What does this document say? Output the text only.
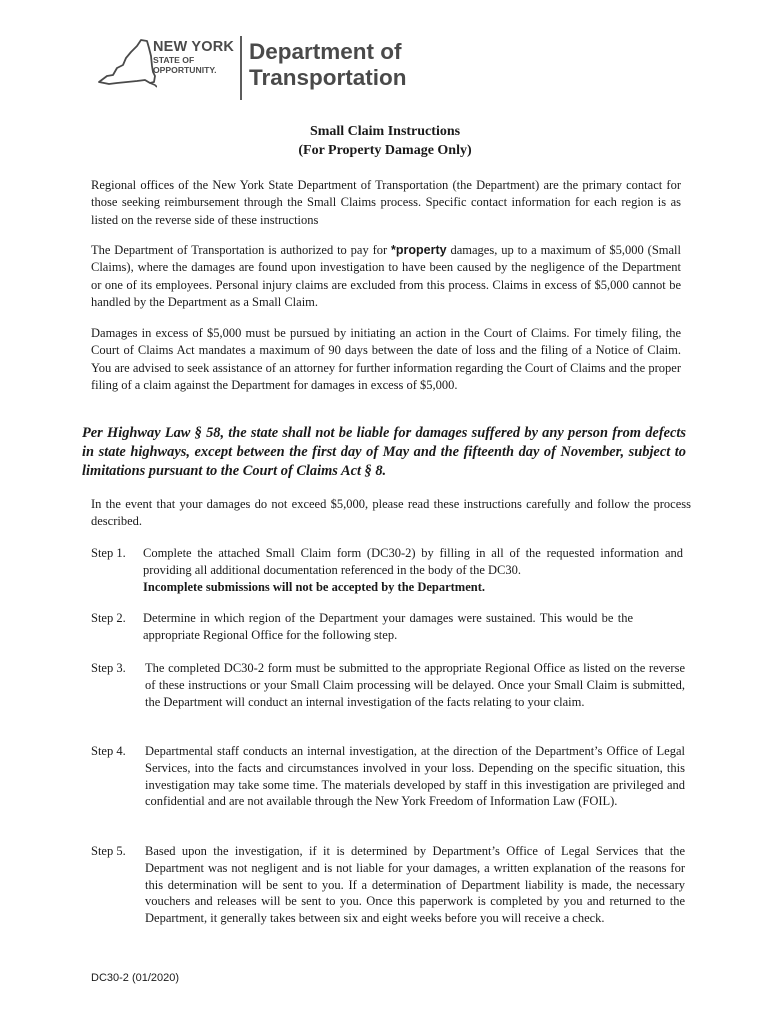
NEW YORK
STATE OF
OPPORTUNITY.
Department of
Transportation
Small Claim Instructions
(For Property Damage Only)
Regional offices of the New York State Department of Transportation (the Department) are the primary contact for those seeking reimbursement through the Small Claims process. Specific contact information for each region is as listed on the reverse side of these instructions
The Department of Transportation is authorized to pay for *property damages, up to a maximum of $5,000 (Small Claims), where the damages are found upon investigation to have been caused by the negligence of the Department or one of its employees. Personal injury claims are excluded from this process. Claims in excess of $5,000 cannot be handled by the Department as a Small Claim.
Damages in excess of $5,000 must be pursued by initiating an action in the Court of Claims. For timely filing, the Court of Claims Act mandates a maximum of 90 days between the date of loss and the filing of a Notice of Claim. You are advised to seek assistance of an attorney for further information regarding the Court of Claims and the proper filing of a claim against the Department for damages in excess of $5,000.
Per Highway Law § 58, the state shall not be liable for damages suffered by any person from defects in state highways, except between the first day of May and the fifteenth day of November, subject to limitations pursuant to the Court of Claims Act § 8.
In the event that your damages do not exceed $5,000, please read these instructions carefully and follow the process described.
Step 1.	Complete the attached Small Claim form (DC30-2) by filling in all of the requested information and providing all additional documentation referenced in the body of the DC30.
Incomplete submissions will not be accepted by the Department.
Step 2.	Determine in which region of the Department your damages were sustained. This would be the appropriate Regional Office for the following step.
Step 3.	The completed DC30-2 form must be submitted to the appropriate Regional Office as listed on the reverse of these instructions or your Small Claim processing will be delayed. Once your Small Claim is submitted, the Department will conduct an internal investigation of the facts relating to your claim.
Step 4.	Departmental staff conducts an internal investigation, at the direction of the Department’s Office of Legal Services, into the facts and circumstances involved in your loss. Depending on the specific situation, this investigation may take some time. The materials developed by staff in this investigation are privileged and confidential and are not available through the New York Freedom of Information Law (FOIL).
Step 5.	Based upon the investigation, if it is determined by Department’s Office of Legal Services that the Department was not negligent and is not liable for your damages, a written explanation of the reasons for this determination will be sent to you. If a determination of Department liability is made, the necessary vouchers and releases will be sent to you. Once this paperwork is completed by you and returned to the Department, it generally takes between six and eight weeks before you will receive a check.
DC30-2 (01/2020)
